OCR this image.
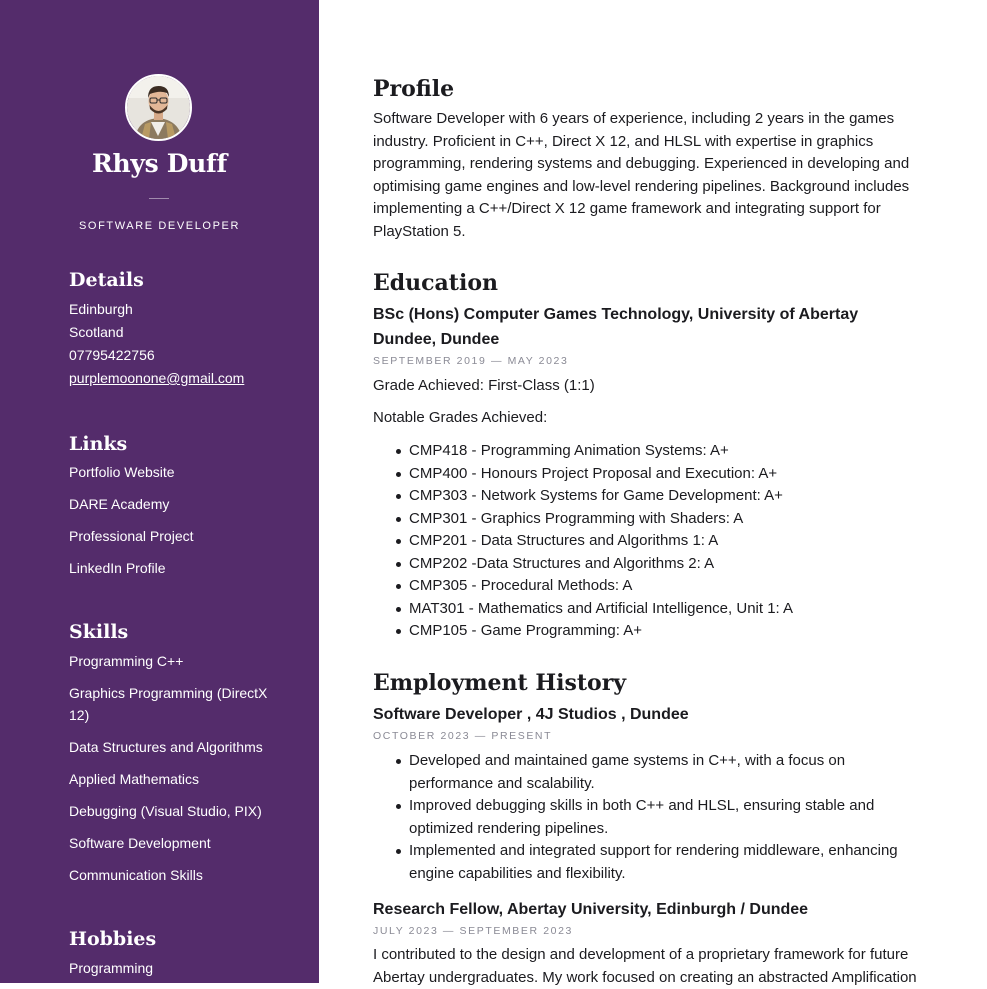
Rhys Duff
SOFTWARE DEVELOPER
Details
Edinburgh
Scotland
07795422756
purplemoonone@gmail.com
Links
Portfolio Website
DARE Academy
Professional Project
LinkedIn Profile
Skills
Programming C++
Graphics Programming (DirectX 12)
Data Structures and Algorithms
Applied Mathematics
Debugging (Visual Studio, PIX)
Software Development
Communication Skills
Hobbies
Programming
Profile

Software Developer with 6 years of experience, including 2 years in the games industry. Proficient in C++, Direct X 12, and HLSL with expertise in graphics programming, rendering systems and debugging. Experienced in developing and optimising game engines and low-level rendering pipelines. Background includes implementing a C++/Direct X 12 game framework and integrating support for PlayStation 5.

Education
BSc (Hons) Computer Games Technology, University of Abertay Dundee, Dundee
SEPTEMBER 2019 — MAY 2023

Grade Achieved: First-Class (1:1)

Notable Grades Achieved:

CMP418 - Programming Animation Systems: A+
CMP400 - Honours Project Proposal and Execution: A+
CMP303 - Network Systems for Game Development: A+
CMP301 - Graphics Programming with Shaders: A
CMP201 - Data Structures and Algorithms 1: A
CMP202 -Data Structures and Algorithms 2: A
CMP305 - Procedural Methods: A
MAT301 - Mathematics and Artificial Intelligence, Unit 1: A
CMP105 - Game Programming: A+
Employment History
Software Developer , 4J Studios , Dundee
OCTOBER 2023 — PRESENT
Developed and maintained game systems in C++, with a focus on performance and scalability.
Improved debugging skills in both C++ and HLSL, ensuring stable and optimized rendering pipelines.
Implemented and integrated support for rendering middleware, enhancing engine capabilities and flexibility.
Research Fellow, Abertay University, Edinburgh / Dundee
JULY 2023 — SEPTEMBER 2023

I contributed to the design and development of a proprietary framework for future Abertay undergraduates. My work focused on creating an abstracted Amplification
